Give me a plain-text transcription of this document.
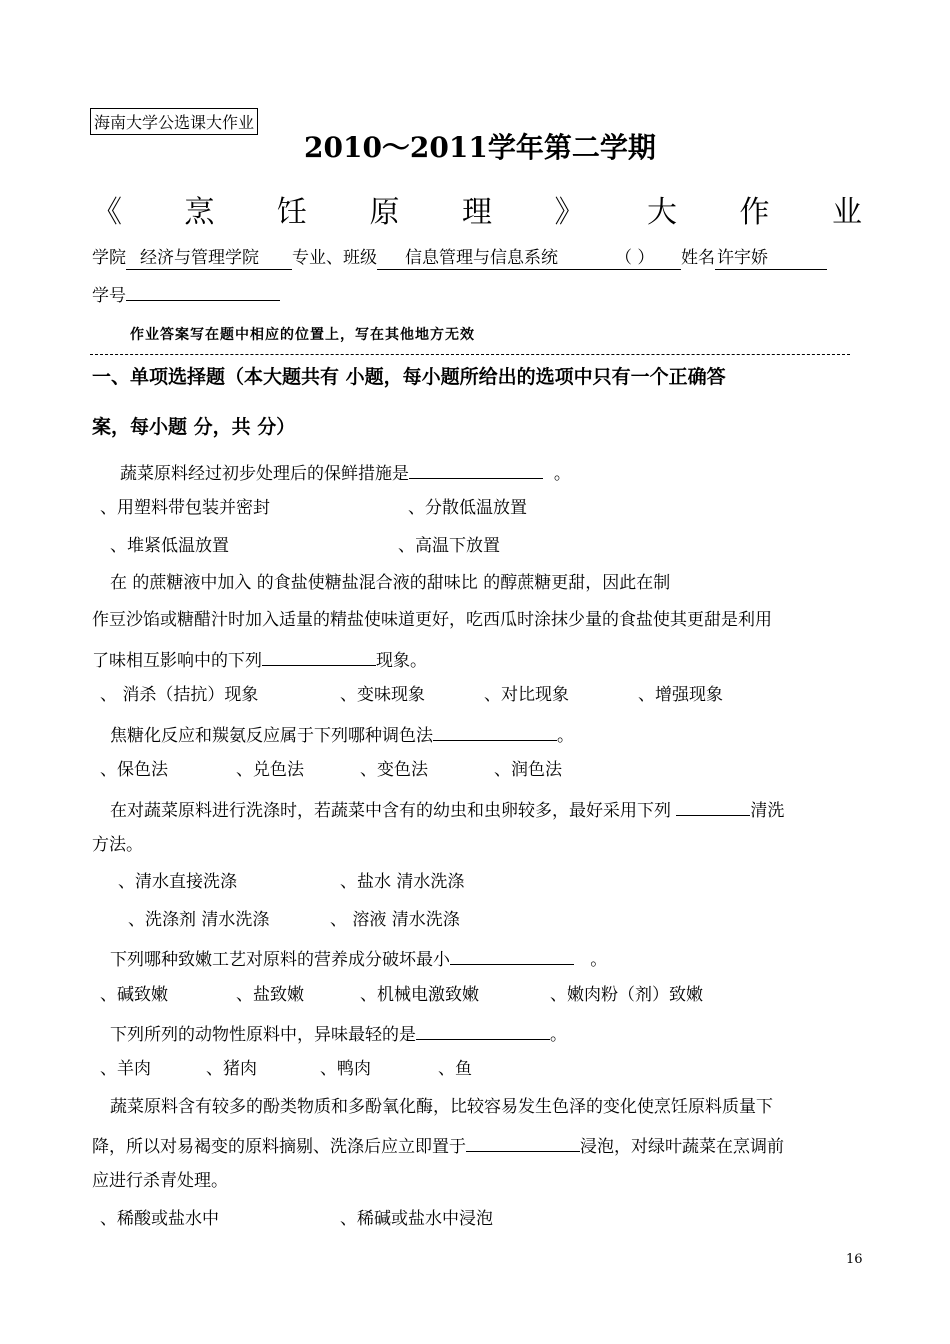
海南大学公选课大作业
2010～2011学年第二学期
《 烹 饪 原 理 》 大 作 业
学院 经济与管理学院 专业、班级 信息管理与信息系统	（ ） 姓名 许宇娇
学号
作业答案写在题中相应的位置上，写在其他地方无效
一、单项选择题（本大题共有 小题，每小题所给出的选项中只有一个正确答
案，每小题 分，共 分）
蔬菜原料经过初步处理后的保鲜措施是	。
、用塑料带包装并密封	、分散低温放置
、堆紧低温放置	、高温下放置
在 的蔗糖液中加入 的食盐使糖盐混合液的甜味比 的醇蔗糖更甜，因此在制
作豆沙馅或糖醋汁时加入适量的精盐使味道更好，吃西瓜时涂抹少量的食盐使其更甜是利用
了味相互影响中的下列	现象。
、 消杀（拮抗）现象	、变味现象	、对比现象	、增强现象
焦糖化反应和羰氨反应属于下列哪种调色法	。
、保色法	、兑色法	、变色法	、润色法
在对蔬菜原料进行洗涤时，若蔬菜中含有的幼虫和虫卵较多，最好采用下列	清洗
方法。
、清水直接洗涤	、盐水 清水洗涤
、洗涤剂 清水洗涤	、 溶液 清水洗涤
下列哪种致嫩工艺对原料的营养成分破坏最小	。
、碱致嫩	、盐致嫩	、机械电激致嫩	、嫩肉粉（剂）致嫩
下列所列的动物性原料中，异味最轻的是	。
、羊肉	、猪肉	、鸭肉	、鱼
蔬菜原料含有较多的酚类物质和多酚氧化酶，比较容易发生色泽的变化使烹饪原料质量下
降，所以对易褐变的原料摘剔、洗涤后应立即置于	浸泡，对绿叶蔬菜在烹调前
应进行杀青处理。
、稀酸或盐水中	、稀碱或盐水中浸泡
16
